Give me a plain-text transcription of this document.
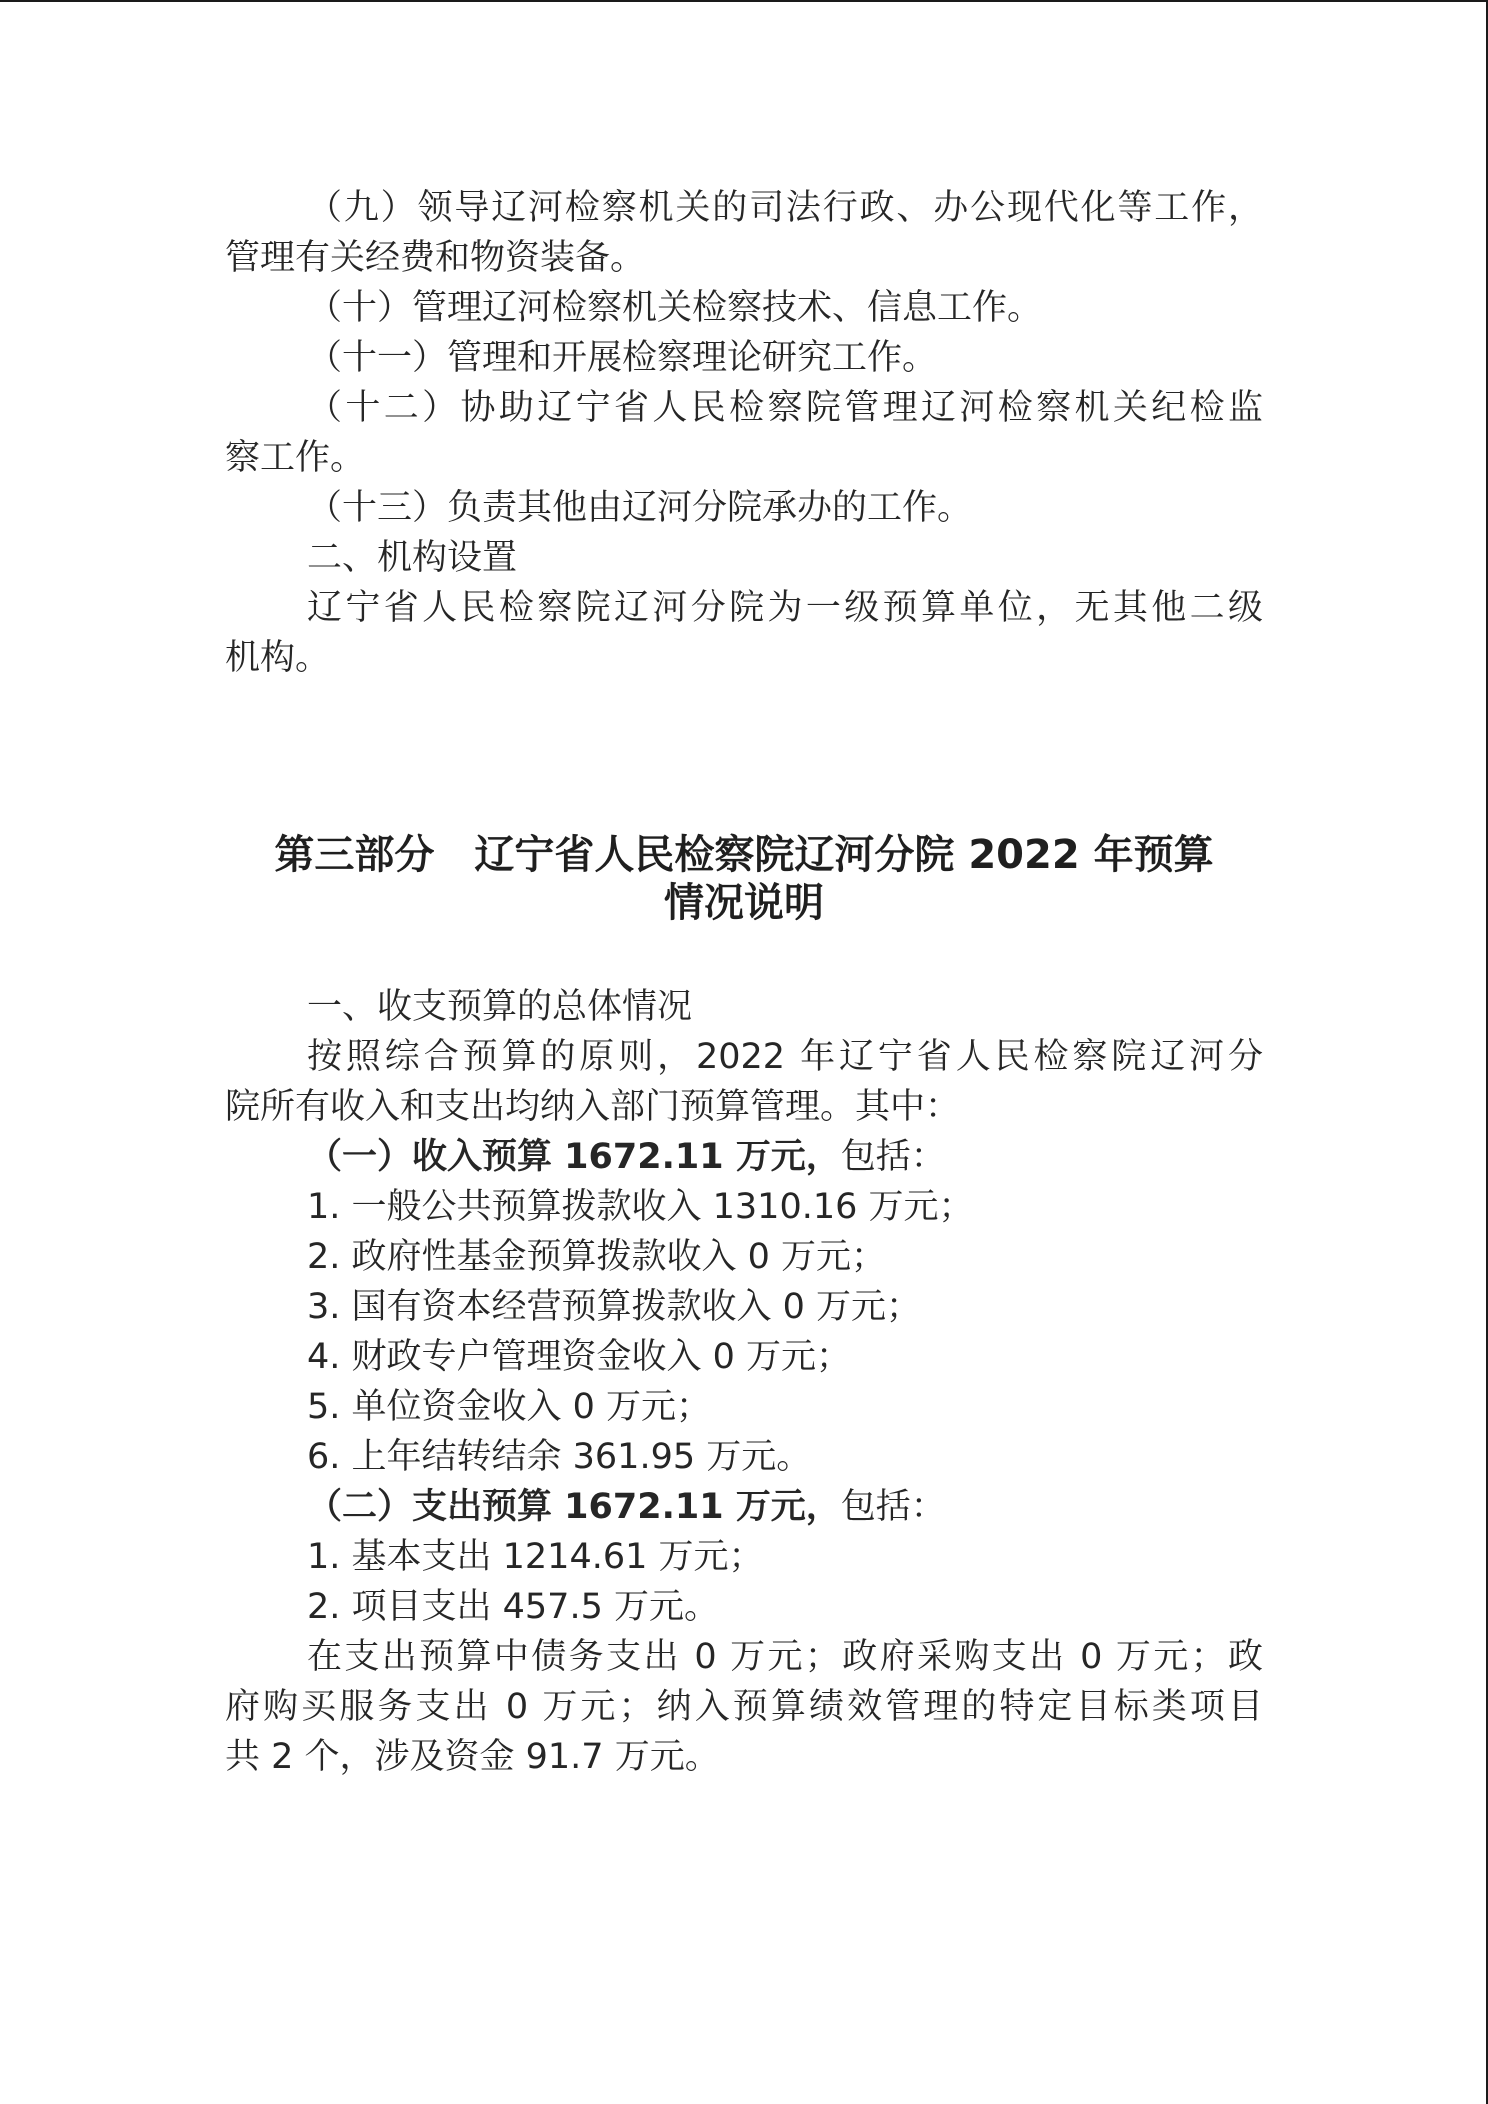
（九）领导辽河检察机关的司法行政、办公现代化等工作，
管理有关经费和物资装备。
（十）管理辽河检察机关检察技术、信息工作。
（十一）管理和开展检察理论研究工作。
（十二）协助辽宁省人民检察院管理辽河检察机关纪检监
察工作。
（十三）负责其他由辽河分院承办的工作。
二、机构设置
辽宁省人民检察院辽河分院为一级预算单位，无其他二级
机构。
第三部分　辽宁省人民检察院辽河分院 2022 年预算
情况说明
一、收支预算的总体情况
按照综合预算的原则，2022 年辽宁省人民检察院辽河分
院所有收入和支出均纳入部门预算管理。其中：
（一）收入预算 1672.11 万元，包括：
1. 一般公共预算拨款收入 1310.16 万元；
2. 政府性基金预算拨款收入 0 万元；
3. 国有资本经营预算拨款收入 0 万元；
4. 财政专户管理资金收入 0 万元；
5. 单位资金收入 0 万元；
6. 上年结转结余 361.95 万元。
（二）支出预算 1672.11 万元，包括：
1. 基本支出 1214.61 万元；
2. 项目支出 457.5 万元。
在支出预算中债务支出 0 万元；政府采购支出 0 万元；政
府购买服务支出 0 万元；纳入预算绩效管理的特定目标类项目
共 2 个，涉及资金 91.7 万元。
